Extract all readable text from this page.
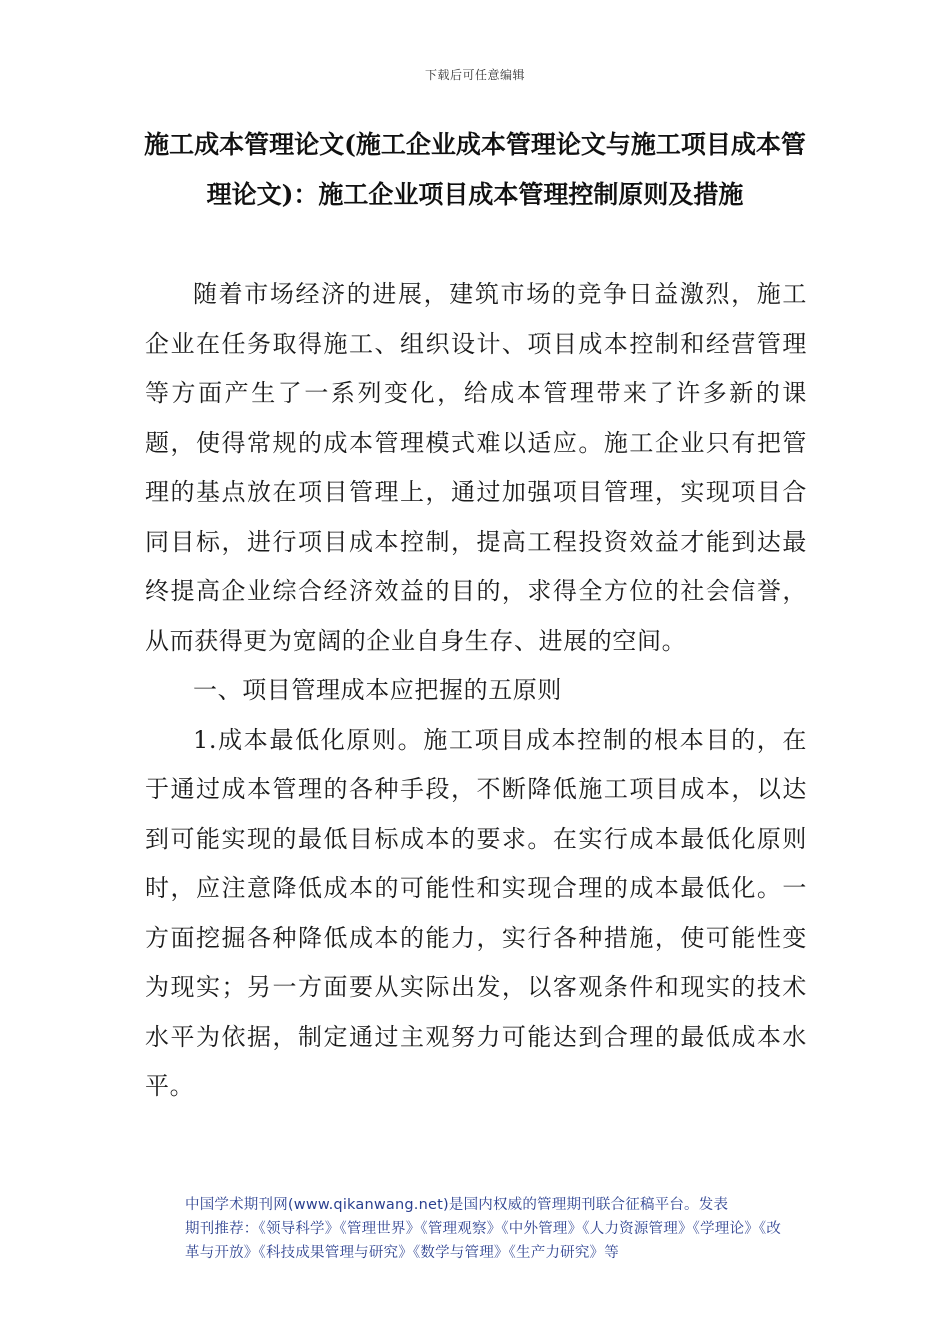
下载后可任意编辑
施工成本管理论文(施工企业成本管理论文与施工项目成本管理论文)：施工企业项目成本管理控制原则及措施

随着市场经济的进展，建筑市场的竞争日益激烈，施工企业在任务取得施工、组织设计、项目成本控制和经营管理等方面产生了一系列变化，给成本管理带来了许多新的课题，使得常规的成本管理模式难以适应。施工企业只有把管理的基点放在项目管理上，通过加强项目管理，实现项目合同目标，进行项目成本控制，提高工程投资效益才能到达最终提高企业综合经济效益的目的，求得全方位的社会信誉，从而获得更为宽阔的企业自身生存、进展的空间。

一、项目管理成本应把握的五原则

1.成本最低化原则。施工项目成本控制的根本目的，在于通过成本管理的各种手段，不断降低施工项目成本，以达到可能实现的最低目标成本的要求。在实行成本最低化原则时，应注意降低成本的可能性和实现合理的成本最低化。一方面挖掘各种降低成本的能力，实行各种措施，使可能性变为现实；另一方面要从实际出发，以客观条件和现实的技术水平为依据，制定通过主观努力可能达到合理的最低成本水平。

中国学术期刊网(www.qikanwang.net)是国内权威的管理期刊联合征稿平台。发表
期刊推荐：《领导科学》《管理世界》《管理观察》《中外管理》《人力资源管理》《学理论》《改
革与开放》《科技成果管理与研究》《数学与管理》《生产力研究》等
